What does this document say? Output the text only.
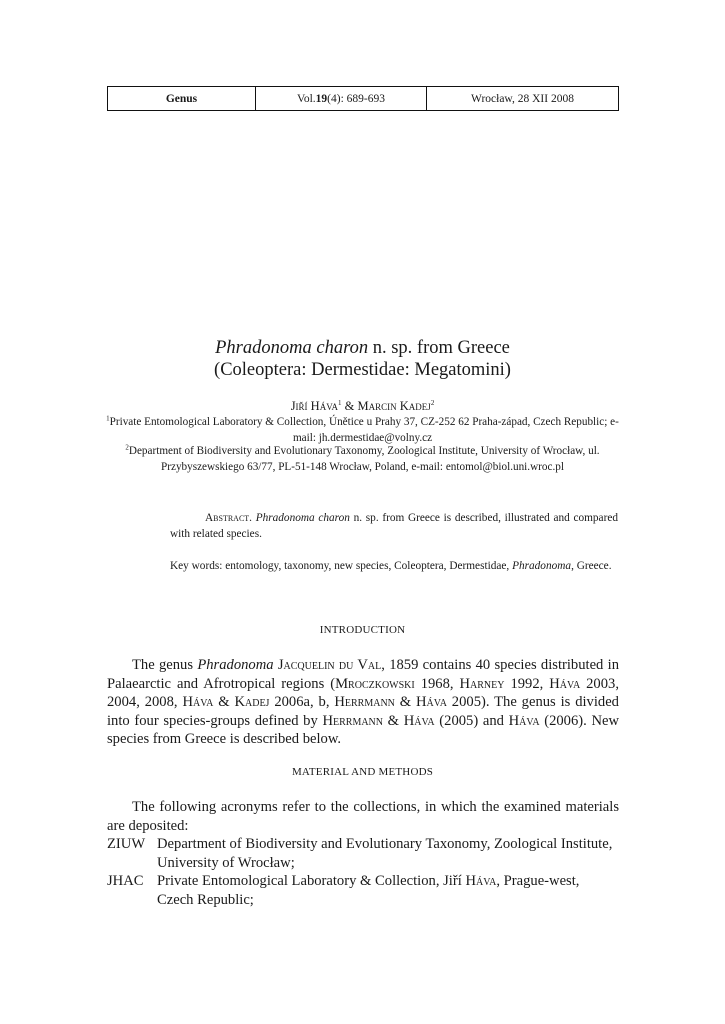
Genus	Vol. 19 (4): 689-693	Wrocław, 28 XII 2008
Phradonoma charon n. sp. from Greece
(Coleoptera: Dermestidae: Megatomini)
Jiří Háva$^1$ & Marcin Kadej$^2$
$^1$Private Entomological Laboratory & Collection, Únětice u Prahy 37, CZ-252 62 Praha-západ, Czech Republic; e-mail: jh.dermestidae@volny.cz
$^2$Department of Biodiversity and Evolutionary Taxonomy, Zoological Institute, University of Wrocław, ul. Przybyszewskiego 63/77, PL-51-148 Wrocław, Poland, e-mail: entomol@biol.uni.wroc.pl
Abstract. Phradonoma charon n. sp. from Greece is described, illustrated and compared with related species.
Key words: entomology, taxonomy, new species, Coleoptera, Dermestidae, Phradonoma, Greece.
INTRODUCTION
The genus Phradonoma Jacquelin du Val, 1859 contains 40 species distributed in Palaearctic and Afrotropical regions (Mroczkowski 1968, Harney 1992, Háva 2003, 2004, 2008, Háva & Kadej 2006a, b, Herrmann & Háva 2005). The genus is divided into four species-groups defined by Herrmann & Háva (2005) and Háva (2006). New species from Greece is described below.
MATERIAL AND METHODS
The following acronyms refer to the collections, in which the examined materials are deposited:
ZIUW Department of Biodiversity and Evolutionary Taxonomy, Zoological Institute, University of Wrocław;
JHAC Private Entomological Laboratory & Collection, Jiří Háva, Prague-west, Czech Republic;
